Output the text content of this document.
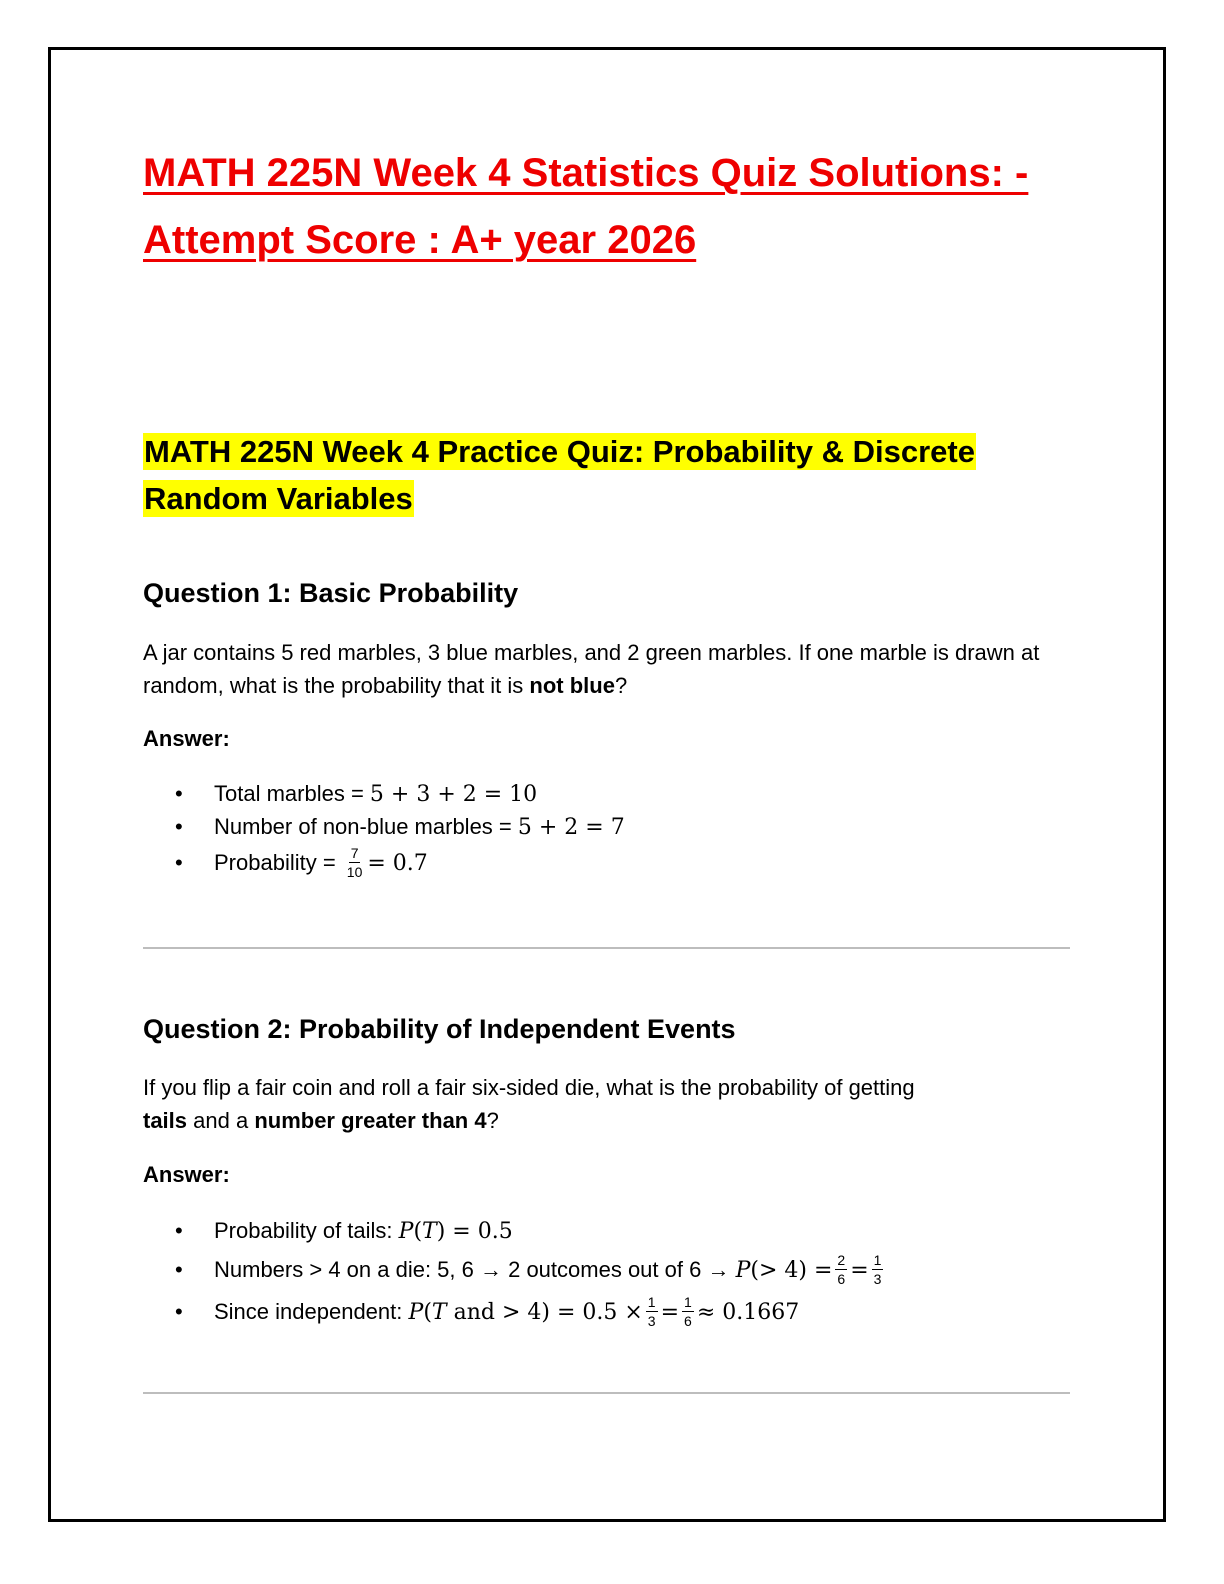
MATH 225N Week 4 Statistics Quiz Solutions: -
Attempt Score : A+ year 2026
MATH 225N Week 4 Practice Quiz: Probability & Discrete
Random Variables
Question 1: Basic Probability

A jar contains 5 red marbles, 3 blue marbles, and 2 green marbles. If one marble is drawn at random, what is the probability that it is not blue?

Answer:

• Total marbles = 5 + 3 + 2 = 10
• Number of non-blue marbles = 5 + 2 = 7
• Probability = $\frac{7}{10} = 0.7$
Question 2: Probability of Independent Events

If you flip a fair coin and roll a fair six-sided die, what is the probability of getting tails and a number greater than 4?

Answer:

• Probability of tails: P(T) = 0.5
• Numbers > 4 on a die: 5, 6 → 2 outcomes out of $6 \to P(> 4) = \frac{2}{6} = \frac{1}{3}$
• Since independent: P(T and > $4) = 0.5 \times \frac{1}{3} = \frac{1}{6} \approx 0.1667$
